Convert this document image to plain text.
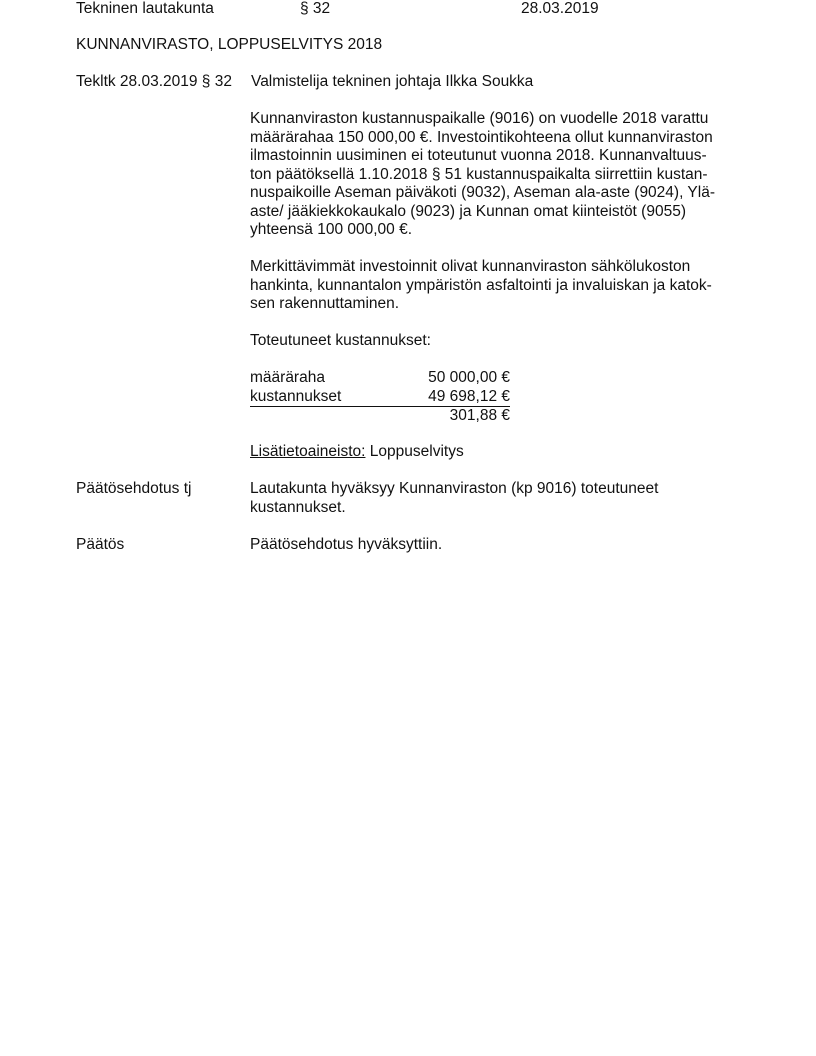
Tekninen lautakunta	§ 32	28.03.2019
KUNNANVIRASTO, LOPPUSELVITYS 2018
Tekltk 28.03.2019 § 32 Valmistelija tekninen johtaja Ilkka Soukka
Kunnanviraston kustannuspaikalle (9016) on vuodelle 2018 varattu
määrärahaa 150 000,00 €. Investointikohteena ollut kunnanviraston
ilmastoinnin uusiminen ei toteutunut vuonna 2018. Kunnanvaltuus-
ton päätöksellä 1.10.2018 § 51 kustannuspaikalta siirrettiin kustan-
nuspaikoille Aseman päiväkoti (9032), Aseman ala-aste (9024), Ylä-
aste/ jääkiekkokaukalo (9023) ja Kunnan omat kiinteistöt (9055)
yhteensä 100 000,00 €.
Merkittävimmät investoinnit olivat kunnanviraston sähkölukoston
hankinta, kunnantalon ympäristön asfaltointi ja invaluiskan ja katok-
sen rakennuttaminen.
Toteutuneet kustannukset:
määräraha	50 000,00 €
kustannukset	49 698,12 €
301,88 €
Lisätietoaineisto: Loppuselvitys
Päätösehdotus tj	Lautakunta hyväksyy Kunnanviraston (kp 9016) toteutuneet
kustannukset.
Päätös	Päätösehdotus hyväksyttiin.
